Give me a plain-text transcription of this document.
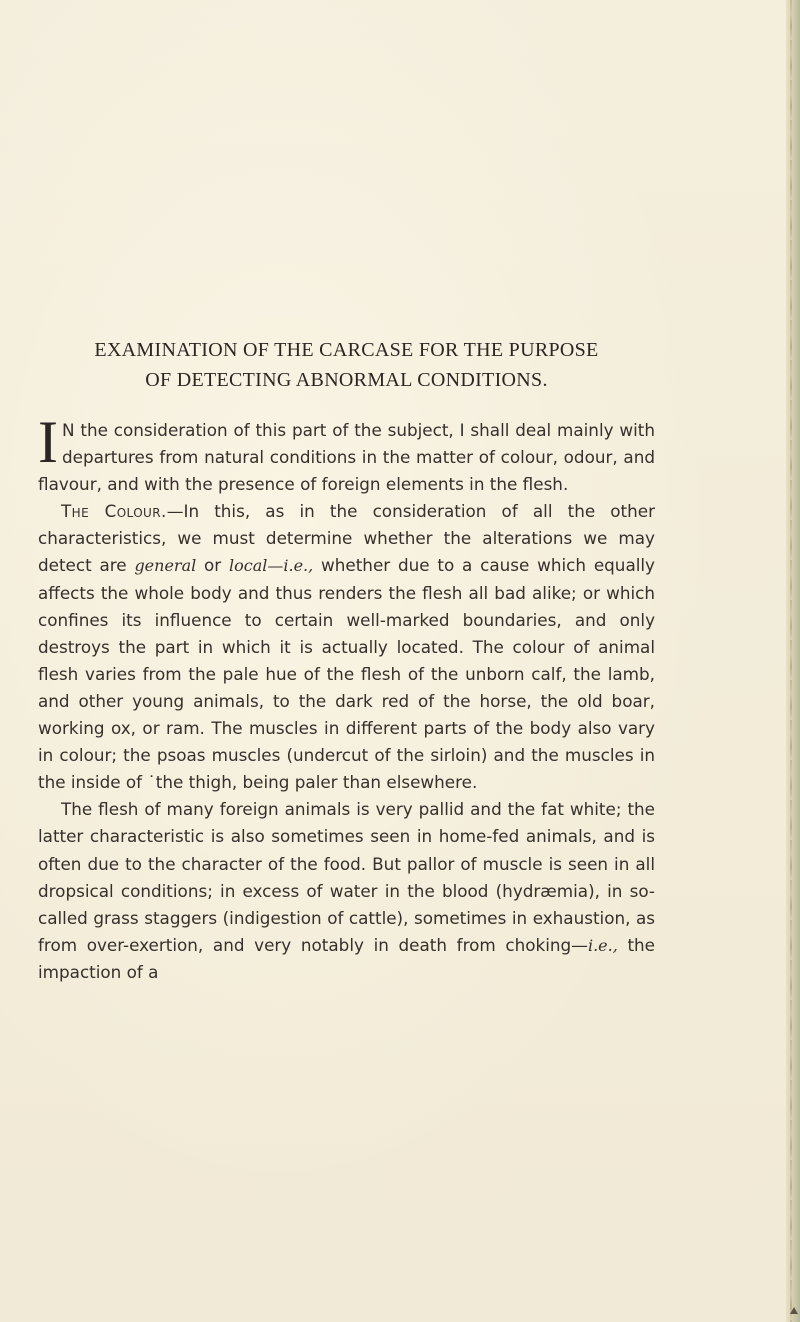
EXAMINATION OF THE CARCASE FOR THE PURPOSE
OF DETECTING ABNORMAL CONDITIONS.

I N the consideration of this part of the subject, I shall deal mainly with departures from natural conditions in the matter of colour, odour, and flavour, and with the presence of foreign elements in the flesh.

The Colour.—In this, as in the consideration of all the other characteristics, we must determine whether the alterations we may detect are general or local—i.e., whether due to a cause which equally affects the whole body and thus renders the flesh all bad alike; or which confines its influence to certain well-marked boundaries, and only destroys the part in which it is actually located. The colour of animal flesh varies from the pale hue of the flesh of the unborn calf, the lamb, and other young animals, to the dark red of the horse, the old boar, working ox, or ram. The muscles in different parts of the body also vary in colour; the psoas muscles (undercut of the sirloin) and the muscles in the inside of ˙the thigh, being paler than elsewhere.

The flesh of many foreign animals is very pallid and the fat white; the latter characteristic is also sometimes seen in home-fed animals, and is often due to the character of the food. But pallor of muscle is seen in all dropsical conditions; in excess of water in the blood (hydræmia), in so-called grass staggers (indigestion of cattle), sometimes in exhaustion, as from over-exertion, and very notably in death from choking—i.e., the impaction of a
